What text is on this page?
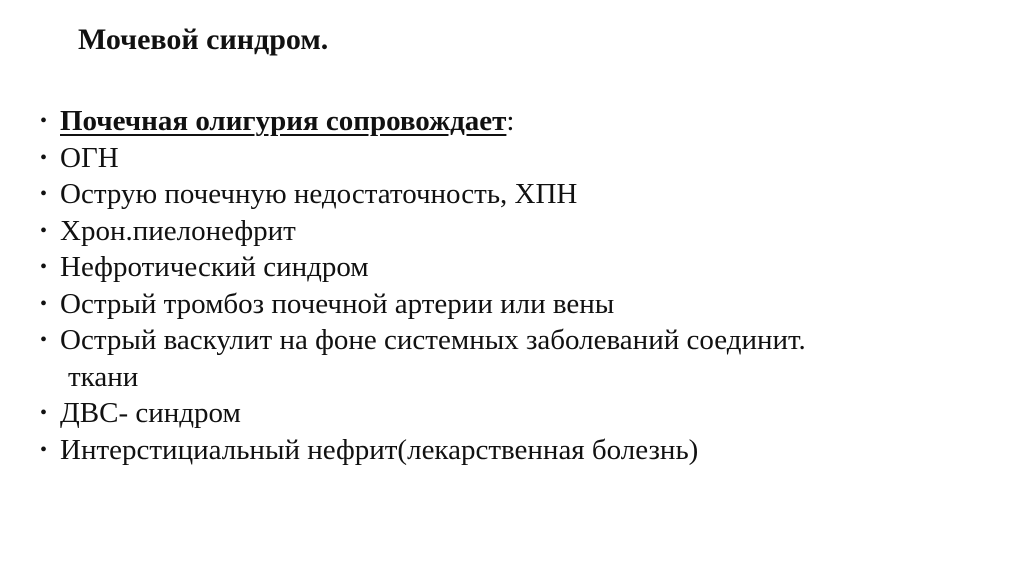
Мочевой синдром.
• Почечная олигурия сопровождает:
• ОГН
• Острую почечную недостаточность, ХПН
• Хрон.пиелонефрит
• Нефротический синдром
• Острый тромбоз почечной артерии или вены
• Острый васкулит на фоне системных заболеваний соединит.
ткани
• ДВС- синдром
• Интерстициальный нефрит(лекарственная болезнь)
